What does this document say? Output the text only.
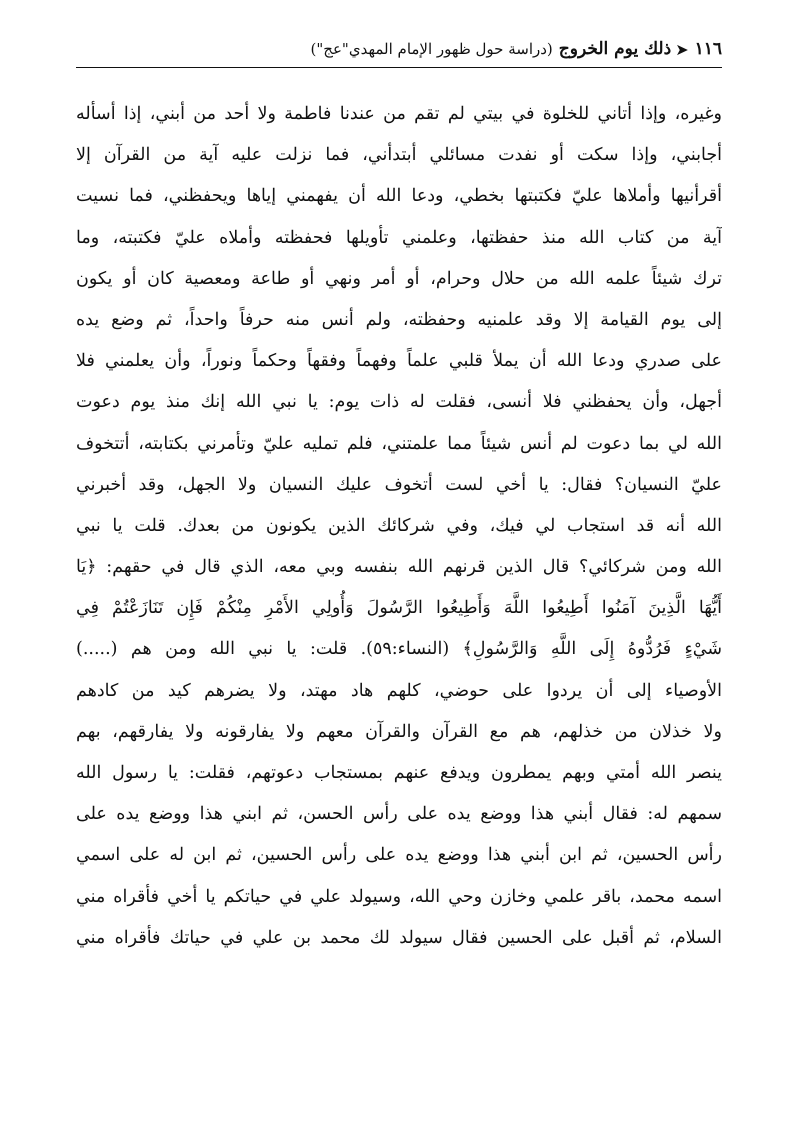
١١٦
➤
ذلك يوم الخروج
(دراسة حول ظهور الإمام المهدي"عج")
وغيره، وإذا أتاني للخلوة في بيتي لم تقم من عندنا فاطمة ولا أحد من أبني، إذا أسأله
أجابني، وإذا سكت أو نفدت مسائلي أبتدأني، فما نزلت عليه آية من القرآن إلا
أقرأنيها وأملاها عليّ فكتبتها بخطي، ودعا الله أن يفهمني إياها ويحفظني، فما نسيت
آية من كتاب الله منذ حفظتها، وعلمني تأويلها فحفظته وأملاه عليّ فكتبته، وما
ترك شيئاً علمه الله من حلال وحرام، أو أمر ونهي أو طاعة ومعصية كان أو يكون
إلى يوم القيامة إلا وقد علمنيه وحفظته، ولم أنس منه حرفاً واحداً، ثم وضع يده
على صدري ودعا الله أن يملأ قلبي علماً وفهماً وفقهاً وحكماً ونوراً، وأن يعلمني فلا
أجهل، وأن يحفظني فلا أنسى، فقلت له ذات يوم: يا نبي الله إنك منذ يوم دعوت
الله لي بما دعوت لم أنس شيئاً مما علمتني، فلم تمليه عليّ وتأمرني بكتابته، أتتخوف
عليّ النسيان؟ فقال: يا أخي لست أتخوف عليك النسيان ولا الجهل، وقد أخبرني
الله أنه قد استجاب لي فيك، وفي شركائك الذين يكونون من بعدك. قلت يا نبي
الله ومن شركائي؟ قال الذين قرنهم الله بنفسه وبي معه، الذي قال في حقهم: ﴿يَا
أَيُّهَا الَّذِينَ آمَنُوا أَطِيعُوا اللَّهَ وَأَطِيعُوا الرَّسُولَ وَأُولِي الأَمْرِ مِنْكُمْ فَإِن تَنَازَعْتُمْ فِي
شَيْءٍ فَرُدُّوهُ إِلَى اللَّهِ وَالرَّسُولِ﴾ (النساء:٥٩). قلت: يا نبي الله ومن هم (.....)
الأوصياء إلى أن يردوا على حوضي، كلهم هاد مهتد، ولا يضرهم كيد من كادهم
ولا خذلان من خذلهم، هم مع القرآن والقرآن معهم ولا يفارقونه ولا يفارقهم، بهم
ينصر الله أمتي وبهم يمطرون ويدفع عنهم بمستجاب دعوتهم، فقلت: يا رسول الله
سمهم له: فقال أبني هذا ووضع يده على رأس الحسن، ثم ابني هذا ووضع يده على
رأس الحسين، ثم ابن أبني هذا ووضع يده على رأس الحسين، ثم ابن له على اسمي
اسمه محمد، باقر علمي وخازن وحي الله، وسيولد علي في حياتكم يا أخي فأقراه مني
السلام، ثم أقبل على الحسين فقال سيولد لك محمد بن علي في حياتك فأقراه مني
